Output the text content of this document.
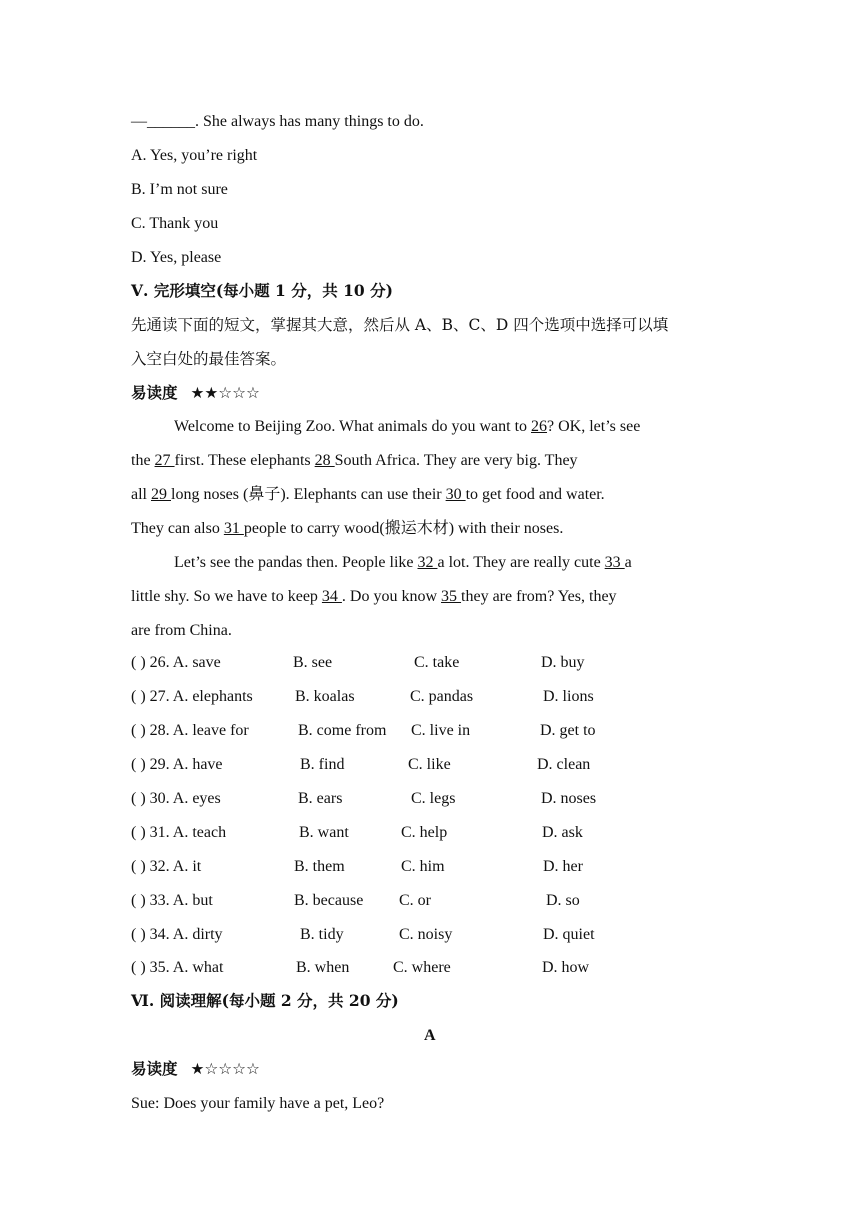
—______. She always has many things to do.
A. Yes, you’re right
B. I’m not sure
C. Thank you
D. Yes, please
Ⅴ. 完形填空(每小题 1 分，共 10 分)
先通读下面的短文，掌握其大意，然后从 A、B、C、D 四个选项中选择可以填
入空白处的最佳答案。
易读度 ★★☆☆☆
Welcome to Beijing Zoo. What animals do you want to 26? OK, let’s see
the 27 first. These elephants 28 South Africa. They are very big. They
all 29 long noses (鼻子). Elephants can use their 30 to get food and water.
They can also 31 people to carry wood(搬运木材) with their noses.
Let’s see the pandas then. People like 32 a lot. They are really cute 33 a
little shy. So we have to keep 34 . Do you know 35 they are from? Yes, they
are from China.
( ) 26. A. save	B. see	C. take	D. buy
( ) 27. A. elephants	B. koalas	C. pandas	D. lions
( ) 28. A. leave for	B. come from C. live in	D. get to
( ) 29. A. have	B. find	C. like	D. clean
( ) 30. A. eyes	B. ears	C. legs	D. noses
( ) 31. A. teach	B. want	C. help	D. ask
( ) 32. A. it	B. them	C. him	D. her
( ) 33. A. but	B. because C. or	D. so
( ) 34. A. dirty	B. tidy	C. noisy	D. quiet
( ) 35. A. what	B. when	C. where	D. how
Ⅵ. 阅读理解(每小题 2 分，共 20 分)
A
易读度 ★☆☆☆☆
Sue: Does your family have a pet, Leo?
